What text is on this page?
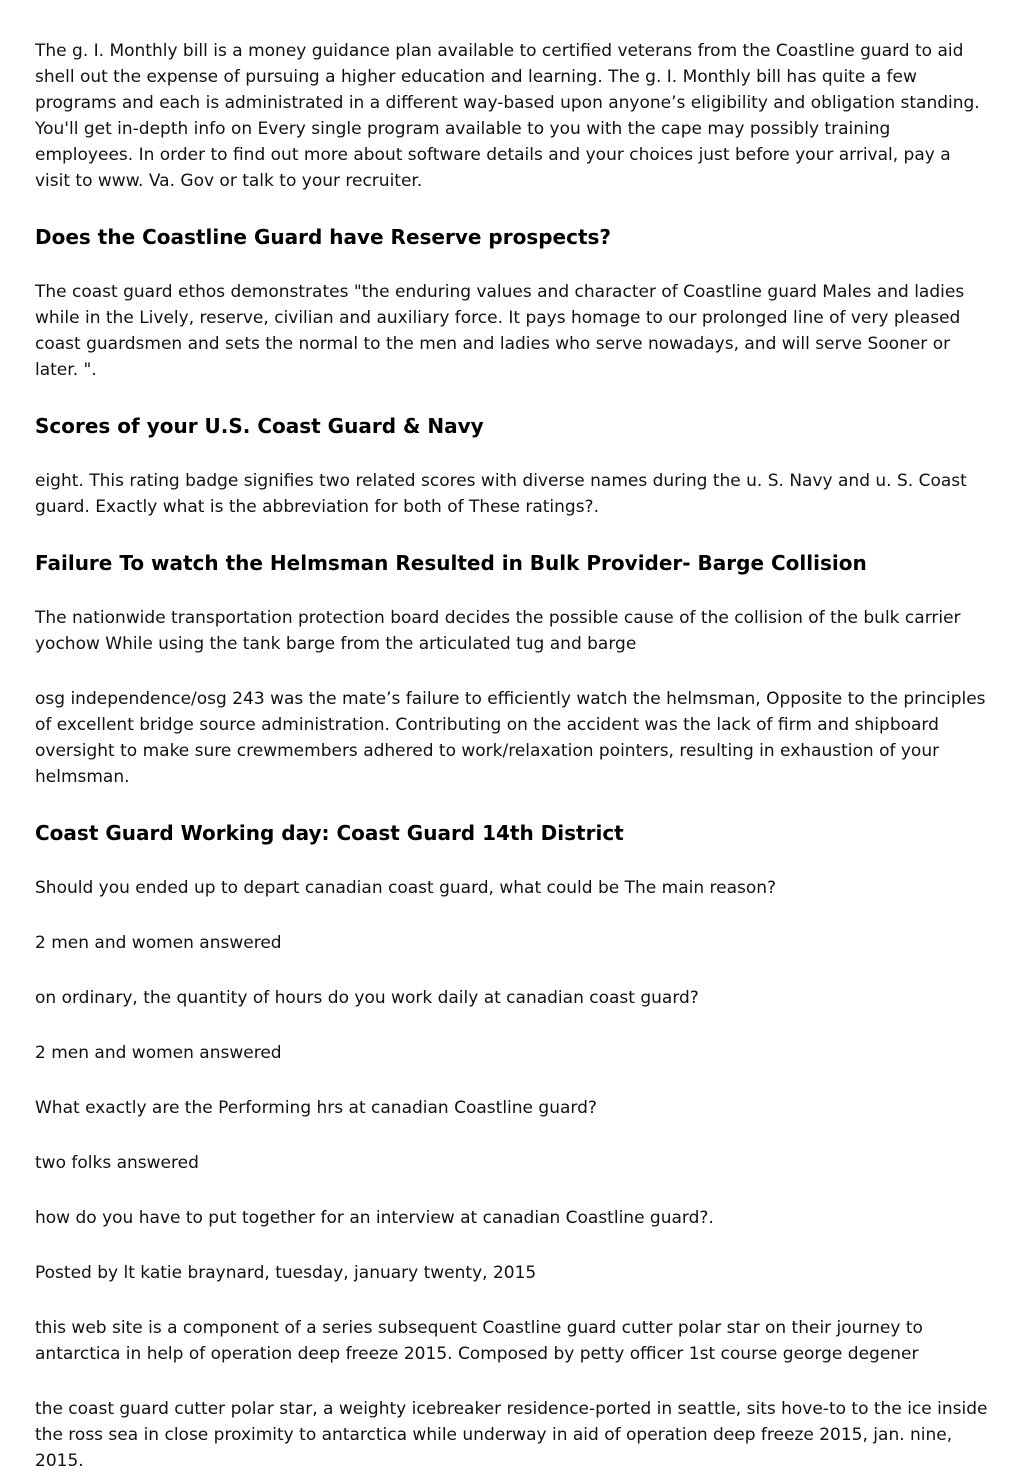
The g. I. Monthly bill is a money guidance plan available to certified veterans from the Coastline guard to aid shell out the expense of pursuing a higher education and learning. The g. I. Monthly bill has quite a few programs and each is administrated in a different way-based upon anyone’s eligibility and obligation standing. You'll get in-depth info on Every single program available to you with the cape may possibly training employees. In order to find out more about software details and your choices just before your arrival, pay a visit to www. Va. Gov or talk to your recruiter.

Does the Coastline Guard have Reserve prospects?

The coast guard ethos demonstrates "the enduring values and character of Coastline guard Males and ladies while in the Lively, reserve, civilian and auxiliary force. It pays homage to our prolonged line of very pleased coast guardsmen and sets the normal to the men and ladies who serve nowadays, and will serve Sooner or later. ".

Scores of your U.S. Coast Guard & Navy

eight. This rating badge signifies two related scores with diverse names during the u. S. Navy and u. S. Coast guard. Exactly what is the abbreviation for both of These ratings?.

Failure To watch the Helmsman Resulted in Bulk Provider- Barge Collision

The nationwide transportation protection board decides the possible cause of the collision of the bulk carrier yochow While using the tank barge from the articulated tug and barge

osg independence/osg 243 was the mate’s failure to efficiently watch the helmsman, Opposite to the principles of excellent bridge source administration. Contributing on the accident was the lack of firm and shipboard oversight to make sure crewmembers adhered to work/relaxation pointers, resulting in exhaustion of your helmsman.

Coast Guard Working day: Coast Guard 14th District

Should you ended up to depart canadian coast guard, what could be The main reason?

2 men and women answered

on ordinary, the quantity of hours do you work daily at canadian coast guard?

2 men and women answered

What exactly are the Performing hrs at canadian Coastline guard?

two folks answered

how do you have to put together for an interview at canadian Coastline guard?.

Posted by lt katie braynard, tuesday, january twenty, 2015

this web site is a component of a series subsequent Coastline guard cutter polar star on their journey to antarctica in help of operation deep freeze 2015. Composed by petty officer 1st course george degener

the coast guard cutter polar star, a weighty icebreaker residence-ported in seattle, sits hove-to to the ice inside the ross sea in close proximity to antarctica while underway in aid of operation deep freeze 2015, jan. nine, 2015.
